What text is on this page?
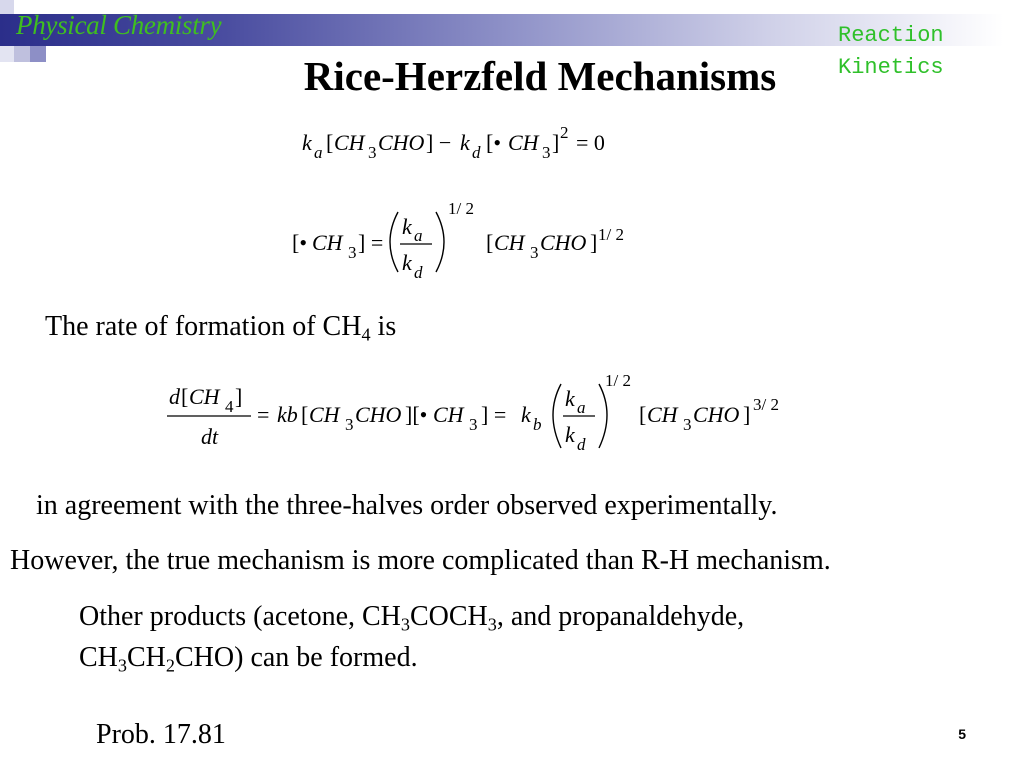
Physical Chemistry	Reaction
Kinetics
Rice-Herzfeld Mechanisms
k a [ CH 3 CHO ] − k d [• CH 3 ] 2 = 0
[• CH 3 ] =
k a
k d
1/ 2
[ CH 3 CHO ] 1/ 2
The rate of formation of $CH_4$ is
d [ CH 4 ]
dt
= kb [ CH 3 CHO ][• CH 3 ] = k b
k a
k d
1/ 2
[ CH 3 CHO ] 3/ 2
in agreement with the three-halves order observed experimentally.
However, the true mechanism is more complicated than R-H mechanism.
Other products (acetone, $CH_3COCH_3$, and propanaldehyde,
$CH_3CH_2CHO$) can be formed.
Prob. 17.81	5
